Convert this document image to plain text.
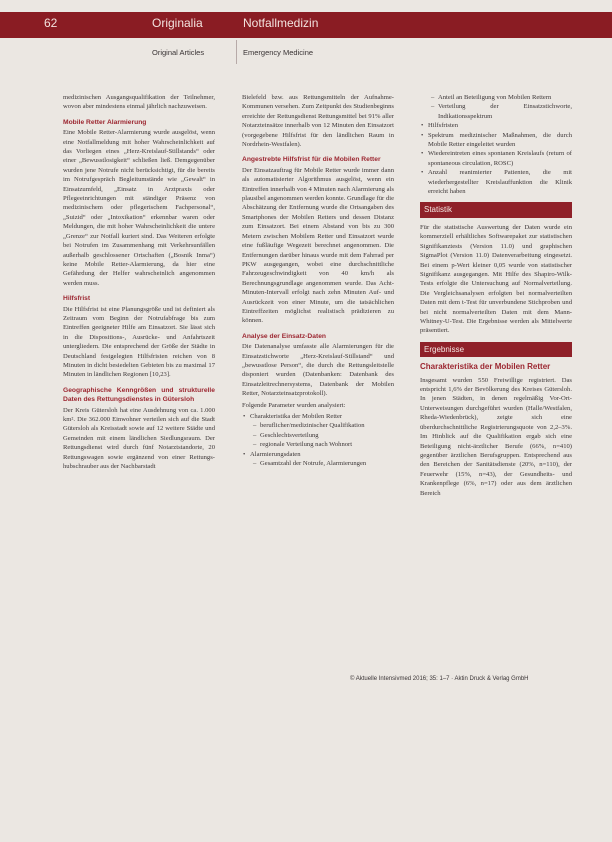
62	Originalia	Notfallmedizin
Original Articles	Emergency Medicine

medizinischen Ausgangsqualifikation der Teilnehmer, wovon aber mindestens einmal jährlich nachzuweisen.

Mobile Retter Alarmierung

Eine Mobile Retter-Alarmierung wurde ausgelöst, wenn eine Notfallmeldung mit hoher Wahrscheinlichkeit auf das Vorliegen eines „Herz-Kreislauf-Stillstands“ oder einer „Bewusstlosigkeit“ schließen ließ. Demgegenüber wurden jene Notrufe nicht berücksichtigt, für die bereits im Notrufgespräch Begleitumstände wie „Gewalt“ in Einsatzumfeld, „Einsatz in Arztpraxis oder Pflegeeinrichtungen mit ständiger Präsenz von medizinischem oder pflegerischem Fachpersonal“, „Suizid“ oder „Intoxikation“ erkennbar waren oder Meldungen, die mit hoher Wahrscheinlichkeit die untere „Grenze“ zur Notfall kuriert sind. Das Weiteren erfolgte bei Notrufen im Zusammenhang mit Verkehrsunfällen außerhalb geschlossener Ortschaften („Bosnik Inma“) keine Mobile Retter-Alarmierung, da hier eine Gefährdung der Helfer wahrscheinlich angenommen werden muss.

Hilfsfrist

Die Hilfsfrist ist eine Planungsgröße und ist definiert als Zeitraum vom Beginn der Notrufabfrage bis zum Eintreffen geeigneter Hilfe am Einsatzort. Sie lässt sich in die Dispositions-, Ausrücke- und Anfahrtszeit untergliedern. Die entsprechend der Größe der Städte in Deutschland festgelegten Hilfsfristen reichen von 8 Minuten in dicht besiedelten Gebieten bis zu maximal 17 Minuten in ländlichen Regionen [10,23].

Geographische Kenngrößen und strukturelle Daten des Rettungsdienstes in Gütersloh

Der Kreis Gütersloh hat eine Ausdehnung von ca. 1.000 km². Die 362.000 Einwohner verteilen sich auf die Stadt Gütersloh als Kreisstadt sowie auf 12 weitere Städte und Gemeinden mit einem ländlichen Siedlungsraum. Der Rettungsdienst wird durch fünf Notarztstandorte, 20 Rettungswagen sowie ergänzend von einer Rettungs-hubschrauber aus der Nachbarstadt

Bielefeld bzw. aus Rettungsmitteln der Aufnahme-Kommunen versehen. Zum Zeitpunkt des Studienbeginns erreichte der Rettungsdienst Rettungsmittel bei 91% aller Notarzteinsätze innerhalb von 12 Minuten den Einsatzort (vorgegebene Hilfsfrist für den ländlichen Raum in Nordrhein-Westfalen).

Angestrebte Hilfsfrist für die Mobilen Retter

Der Einsatzauftrag für Mobile Retter wurde immer dann als automatisierter Algorithmus ausgelöst, wenn ein Eintreffen innerhalb von 4 Minuten nach Alarmierung als plausibel angenommen werden konnte. Grundlage für die Abschätzung der Entfernung wurde die Ortsangaben des Smartphones der Mobilen Retters und dessen Distanz zum Einsatzort. Bei einem Abstand von bis zu 300 Metern zwischen Mobilem Retter und Einsatzort wurde eine fußläufige Wegezeit berechnet angenommen. Die Entfernungen darüber hinaus wurde mit dem Fahrrad per PKW ausgegangen, wobei eine durchschnittliche Fahrzeugeschwindigkeit von 40 km/h als Berechnungsgrundlage angenommen wurde. Das Acht-Minuten-Intervall erfolgt nach zehn Minuten Auf- und Ausrückzeit von einer Minute, um die tatsächlichen Eintreffzeiten möglichst realistisch prädizieren zu können.

Analyse der Einsatz-Daten

Die Datenanalyse umfasste alle Alarmierungen für die Einsatzstichworte „Herz-Kreislauf-Stillstand“ und „bewusstlose Person“, die durch die Rettungsleitstelle disponiert wurden (Datenbanken: Datenbank des Einsatzleitrechnersystems, Datenbank der Mobilen Retter, Notarzteinsatzprotokoll).

Folgende Parameter wurden analysiert:

• Charakteristika der Mobilen Retter
– beruflicher/medizinischer Qualifikation
– Geschlechtsverteilung
– regionale Verteilung nach Wohnort
• Alarmierungsdaten
– Gesamtzahl der Notrufe, Alarmierungen
– Anteil an Beteiligung von Mobilen Rettern
– Verteilung der Einsatzstichworte, Indikationsspektrum
• Hilfsfristen
• Spektrum medizinischer Maßnahmen, die durch Mobile Retter eingeleitet wurden
• Wiedereintreten eines spontanen Kreislaufs (return of spontaneous circulation, ROSC)
• Anzahl reanimierter Patienten, die mit wiederhergestellter Kreislauffunktion die Klinik erreicht haben
Statistik

Für die statistische Auswertung der Daten wurde ein kommerziell erhältliches Softwarepaket zur statistischen Signifikanztests (Version 11.0) und graphischen SigmaPlot (Version 11.0) Datenverarbeitung eingesetzt. Bei einem p-Wert kleiner 0,05 wurde von statistischer Signifikanz ausgegangen. Mit Hilfe des Shapiro-Wilk-Tests erfolgte die Untersuchung auf Normalverteilung. Die Vergleichsanalysen erfolgten bei normalverteilten Daten mit dem t-Test für unverbundene Stichproben und bei nicht normalverteilten Daten mit dem Mann-Whitney-U-Test. Die Ergebnisse werden als Mittelwerte präsentiert.

Ergebnisse
Charakteristika der Mobilen Retter

Insgesamt wurden 550 Freiwillige registriert. Das entspricht 1,6% der Bevölkerung des Kreises Gütersloh. In jenen Städten, in denen regelmäßig Vor-Ort-Unterweisungen durchgeführt wurden (Halle/Westfalen, Rheda-Wiedenbrück), zeigte sich eine überdurchschnittliche Registrierungsquote von 2,2–3%. Im Hinblick auf die Qualifikation ergab sich eine Beteiligung nicht-ärztlicher Berufe (66%, n=410) gegenüber ärztlichen Berufsgruppen. Entsprechend aus den Bereichen der Sanitätsdienste (20%, n=110), der Feuerwehr (15%, n=43), der Gesundheits- und Krankenpflege (6%, n=17) oder aus dem ärztlichen Bereich

© Aktuelle Intensivmed 2016; 35: 1–7 · Aktin Druck & Verlag GmbH
